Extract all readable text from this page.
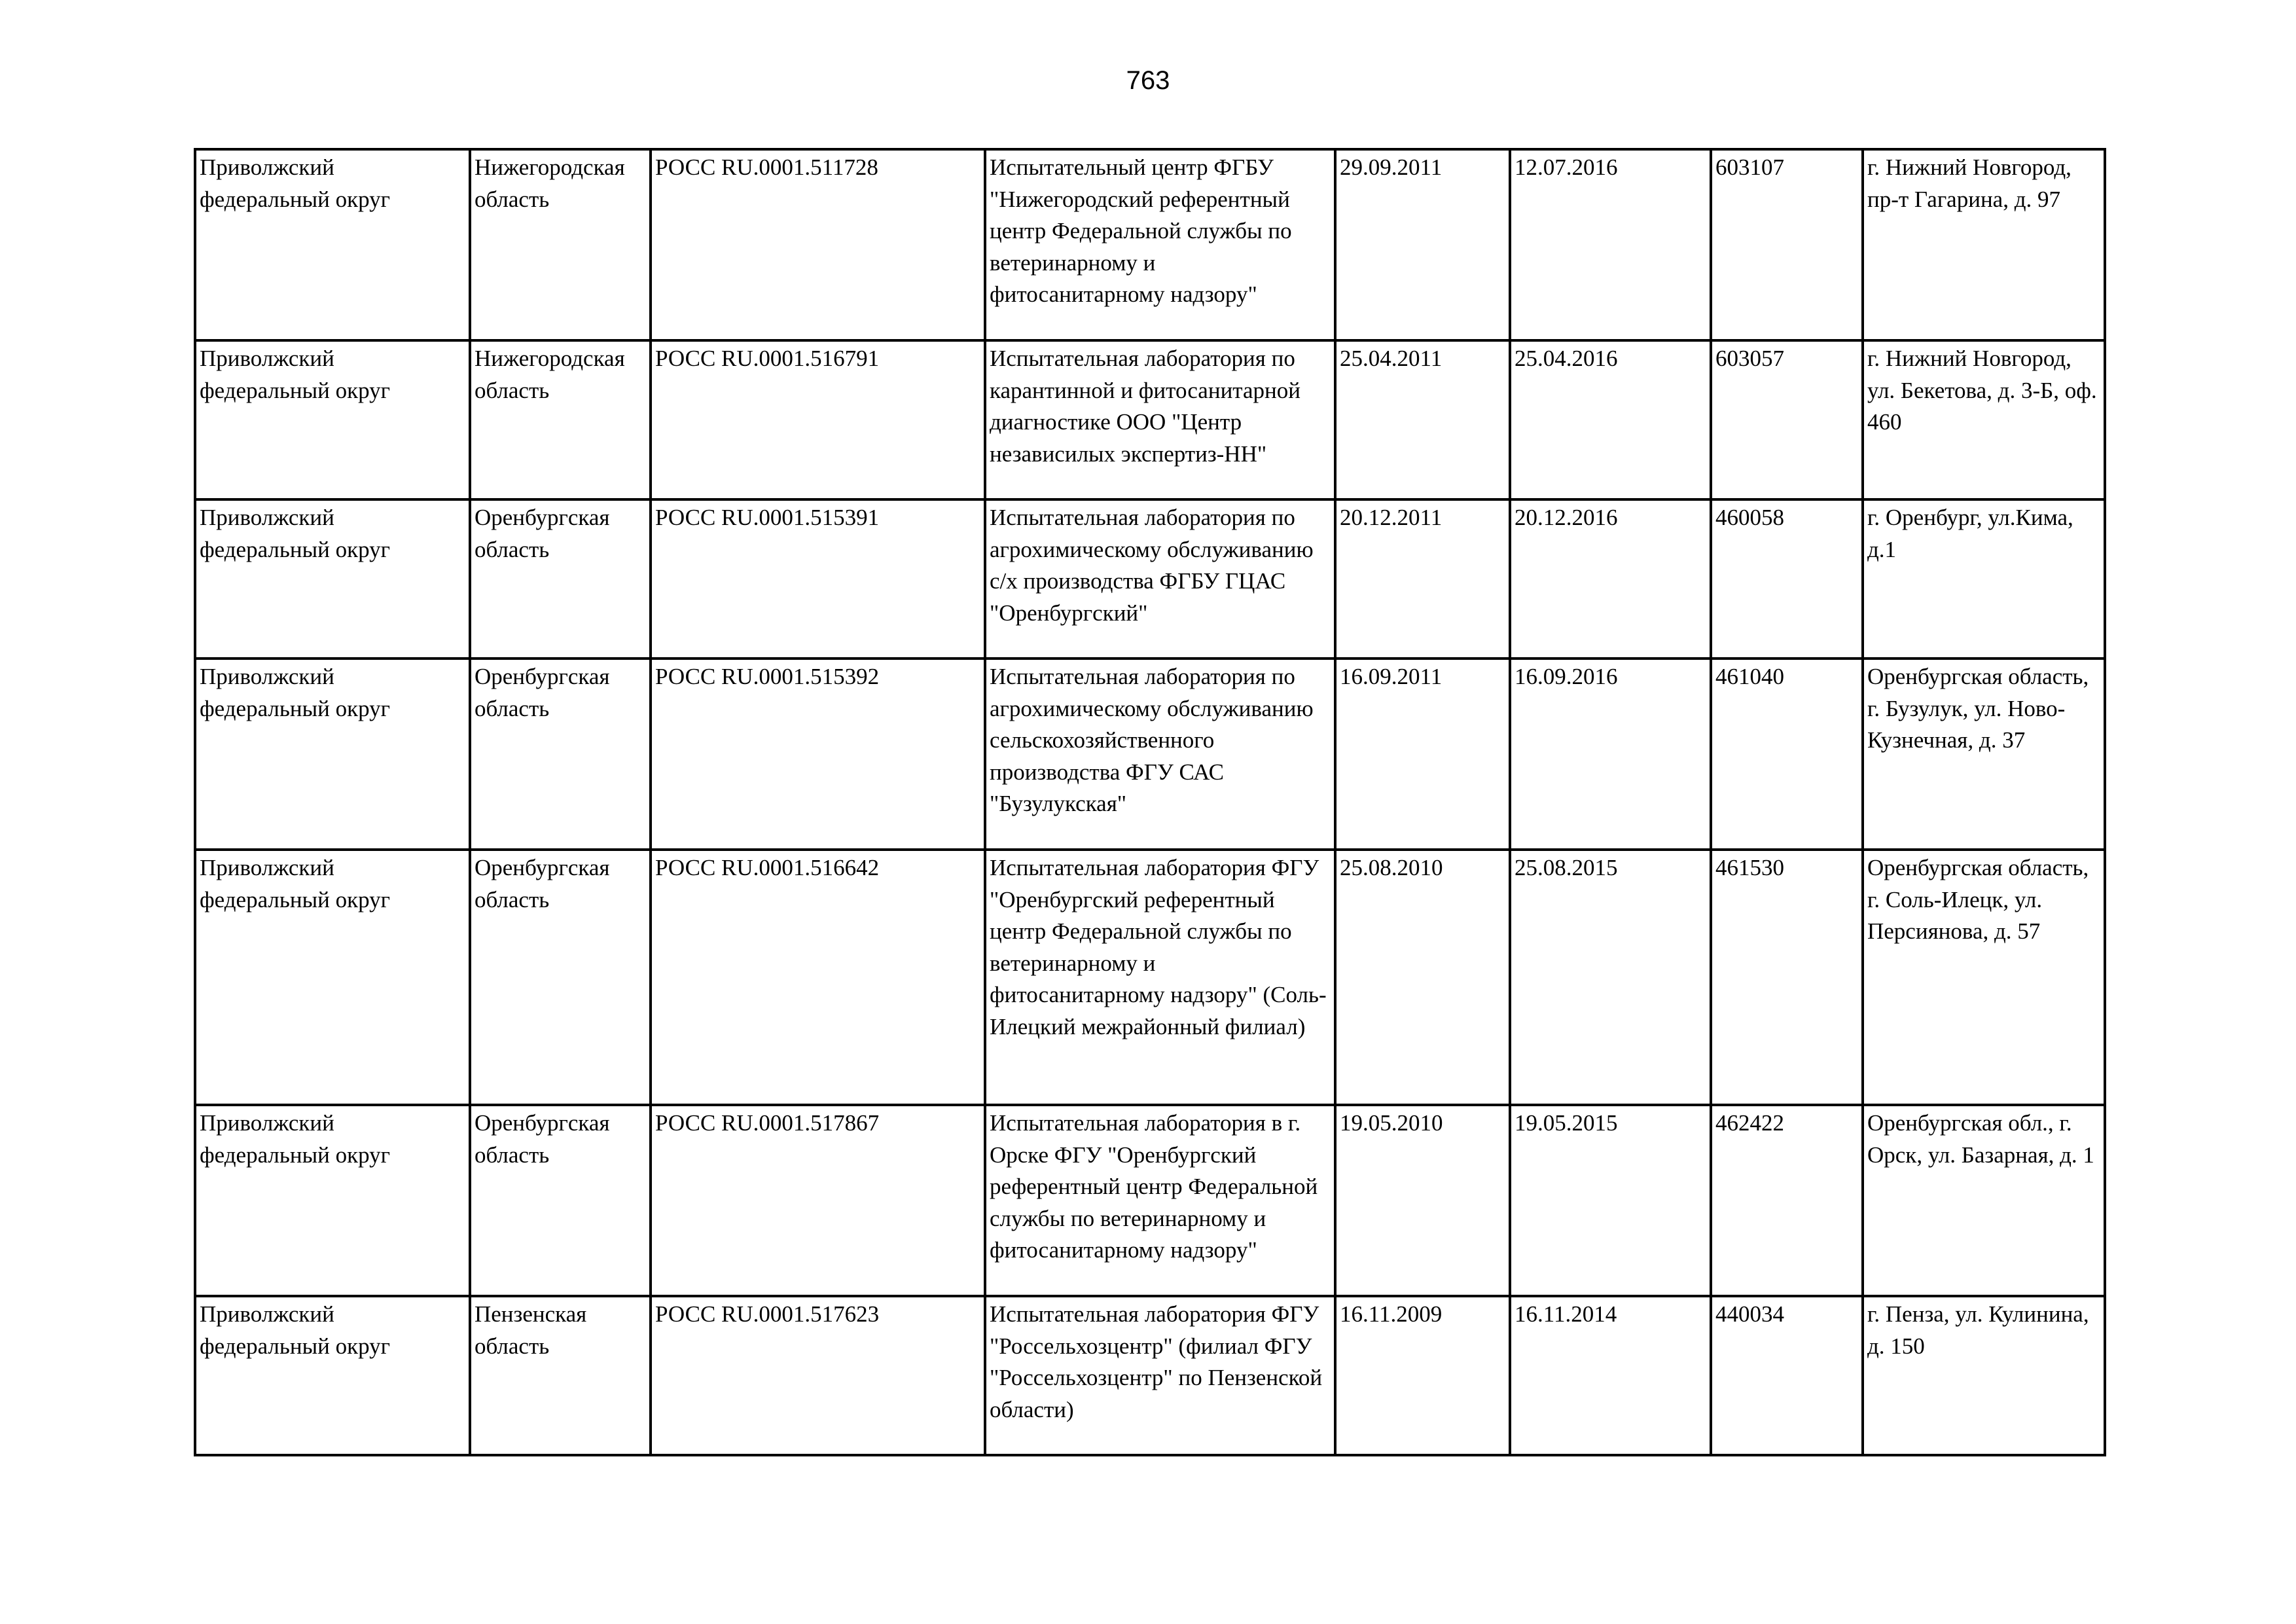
763
Приволжский федеральный округ	Нижегородская область	РОСС RU.0001.511728	Испытательный центр ФГБУ "Нижегородский референтный центр Федеральной службы по ветеринарному и фитосанитарному надзору"	29.09.2011	12.07.2016	603107	г. Нижний Новгород, пр-т Гагарина, д. 97
Приволжский федеральный округ	Нижегородская область	РОСС RU.0001.516791	Испытательная лаборатория по карантинной и фитосанитарной диагностике ООО "Центр независилых экспертиз-НН"	25.04.2011	25.04.2016	603057	г. Нижний Новгород, ул. Бекетова, д. 3-Б, оф. 460
Приволжский федеральный округ	Оренбургская область	РОСС RU.0001.515391	Испытательная лаборатория по агрохимическому обслуживанию с/х производства ФГБУ ГЦАС "Оренбургский"	20.12.2011	20.12.2016	460058	г. Оренбург, ул.Кима, д.1
Приволжский федеральный округ	Оренбургская область	РОСС RU.0001.515392	Испытательная лаборатория по агрохимическому обслуживанию сельскохозяйственного производства ФГУ САС "Бузулукская"	16.09.2011	16.09.2016	461040	Оренбургская область, г. Бузулук, ул. Ново-Кузнечная, д. 37
Приволжский федеральный округ	Оренбургская область	РОСС RU.0001.516642	Испытательная лаборатория ФГУ "Оренбургский референтный центр Федеральной службы по ветеринарному и фитосанитарному надзору" (Соль-Илецкий межрайонный филиал)	25.08.2010	25.08.2015	461530	Оренбургская область, г. Соль-Илецк, ул. Персиянова, д. 57
Приволжский федеральный округ	Оренбургская область	РОСС RU.0001.517867	Испытательная лаборатория в г. Орске ФГУ "Оренбургский референтный центр Федеральной службы по ветеринарному и фитосанитарному надзору"	19.05.2010	19.05.2015	462422	Оренбургская обл., г. Орск, ул. Базарная, д. 1
Приволжский федеральный округ	Пензенская область	РОСС RU.0001.517623	Испытательная лаборатория ФГУ "Россельхозцентр" (филиал ФГУ "Россельхозцентр" по Пензенской области)	16.11.2009	16.11.2014	440034	г. Пенза, ул. Кулинина, д. 150
